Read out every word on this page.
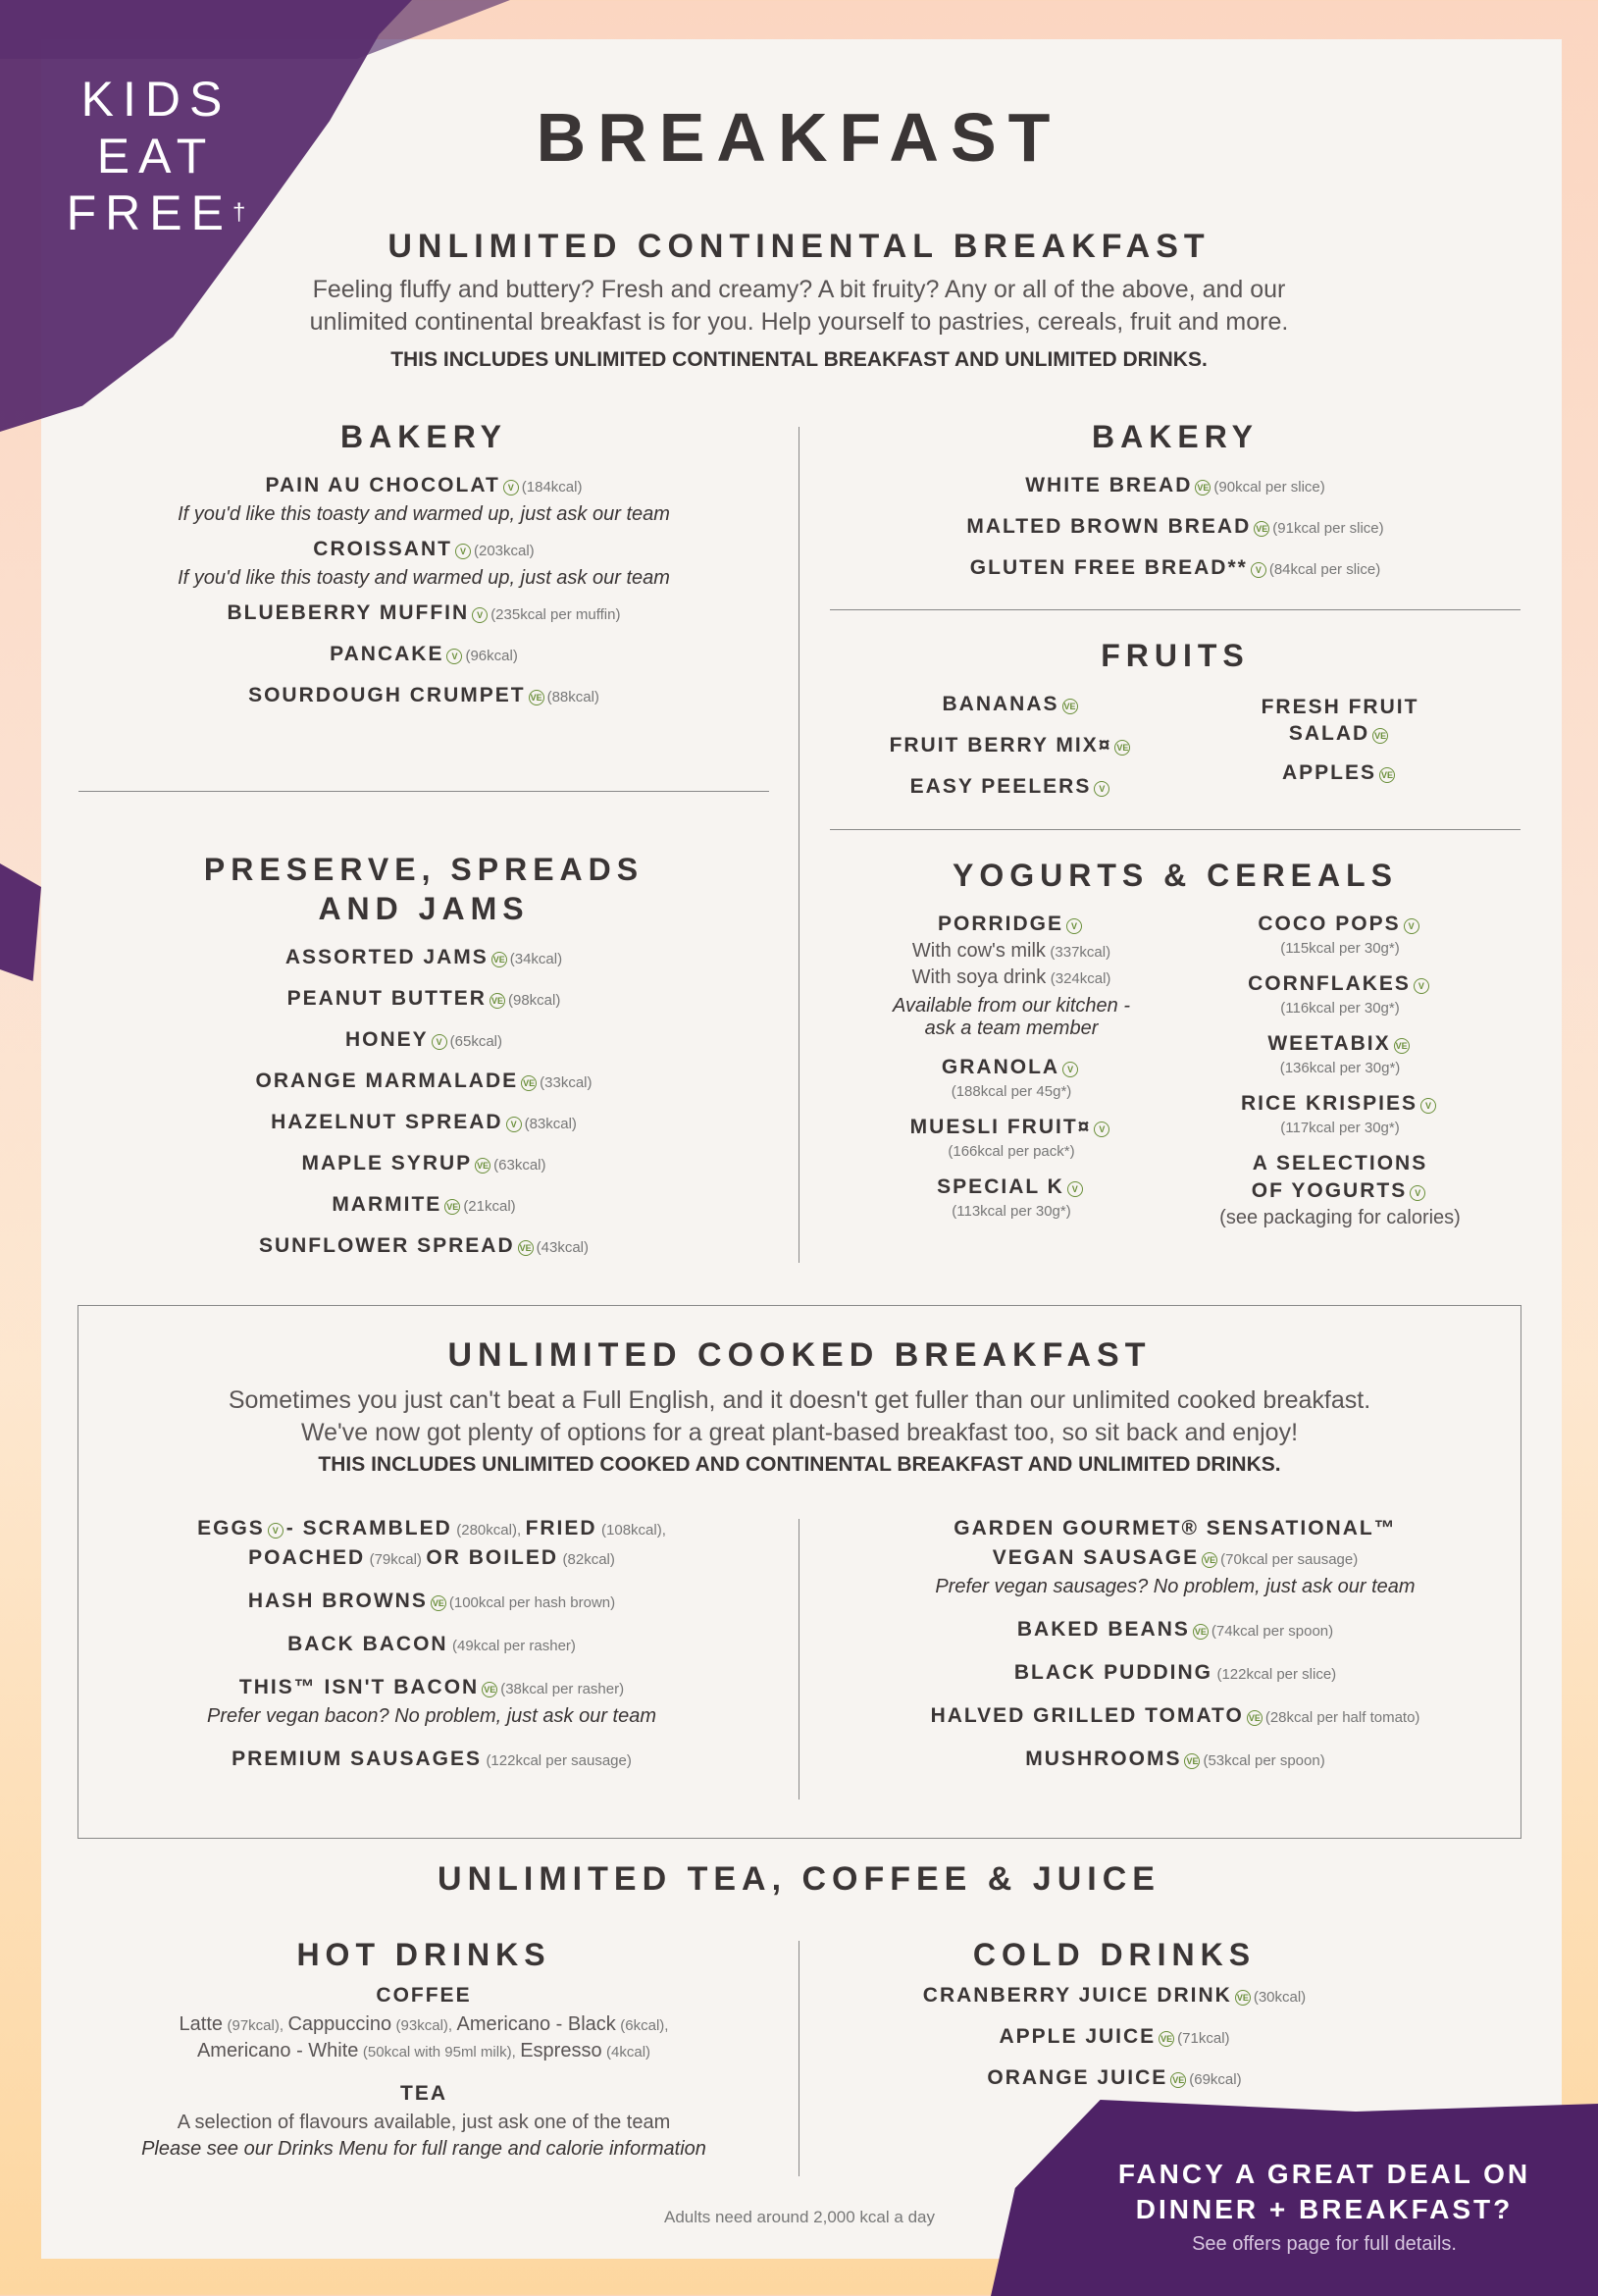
KIDS
EAT
FREE†
BREAKFAST
UNLIMITED CONTINENTAL BREAKFAST
Feeling fluffy and buttery? Fresh and creamy? A bit fruity? Any or all of the above, and our
unlimited continental breakfast is for you. Help yourself to pastries, cereals, fruit and more.
THIS INCLUDES UNLIMITED CONTINENTAL BREAKFAST AND UNLIMITED DRINKS.
BAKERY
PAIN AU CHOCOLAT V (184kcal)
If you'd like this toasty and warmed up, just ask our team
CROISSANT V (203kcal)
If you'd like this toasty and warmed up, just ask our team
BLUEBERRY MUFFIN V (235kcal per muffin)
PANCAKE V (96kcal)
SOURDOUGH CRUMPET VE (88kcal)
PRESERVE, SPREADS
AND JAMS
ASSORTED JAMS VE (34kcal)
PEANUT BUTTER VE (98kcal)
HONEY V (65kcal)
ORANGE MARMALADE VE (33kcal)
HAZELNUT SPREAD V (83kcal)
MAPLE SYRUP VE (63kcal)
MARMITE VE (21kcal)
SUNFLOWER SPREAD VE (43kcal)
BAKERY
WHITE BREAD VE (90kcal per slice)
MALTED BROWN BREAD VE (91kcal per slice)
GLUTEN FREE BREAD** V (84kcal per slice)
FRUITS
BANANAS VE
FRUIT BERRY MIX¤ VE
EASY PEELERS V
FRESH FRUIT
SALAD VE
APPLES VE
YOGURTS & CEREALS
PORRIDGE V
With cow's milk (337kcal)
With soya drink (324kcal)
Available from our kitchen -
ask a team member
GRANOLA V
(188kcal per 45g*)
MUESLI FRUIT¤ V
(166kcal per pack*)
SPECIAL K V
(113kcal per 30g*)
COCO POPS V
(115kcal per 30g*)
CORNFLAKES V
(116kcal per 30g*)
WEETABIX VE
(136kcal per 30g*)
RICE KRISPIES V
(117kcal per 30g*)
A SELECTIONS
OF YOGURTS V
(see packaging for calories)
UNLIMITED COOKED BREAKFAST
Sometimes you just can't beat a Full English, and it doesn't get fuller than our unlimited cooked breakfast.
We've now got plenty of options for a great plant-based breakfast too, so sit back and enjoy!
THIS INCLUDES UNLIMITED COOKED AND CONTINENTAL BREAKFAST AND UNLIMITED DRINKS.
EGGS V - SCRAMBLED (280kcal), FRIED (108kcal),
POACHED (79kcal) OR BOILED (82kcal)
HASH BROWNS VE (100kcal per hash brown)
BACK BACON (49kcal per rasher)
THIS™ ISN'T BACON VE (38kcal per rasher)
Prefer vegan bacon? No problem, just ask our team
PREMIUM SAUSAGES (122kcal per sausage)
GARDEN GOURMET® SENSATIONAL™
VEGAN SAUSAGE VE (70kcal per sausage)
Prefer vegan sausages? No problem, just ask our team
BAKED BEANS VE (74kcal per spoon)
BLACK PUDDING (122kcal per slice)
HALVED GRILLED TOMATO VE (28kcal per half tomato)
MUSHROOMS VE (53kcal per spoon)
UNLIMITED TEA, COFFEE & JUICE
HOT DRINKS
COFFEE
Latte (97kcal), Cappuccino (93kcal), Americano - Black (6kcal),
Americano - White (50kcal with 95ml milk), Espresso (4kcal)
TEA
A selection of flavours available, just ask one of the team
Please see our Drinks Menu for full range and calorie information
COLD DRINKS
CRANBERRY JUICE DRINK VE (30kcal)
APPLE JUICE VE (71kcal)
ORANGE JUICE VE (69kcal)
Adults need around 2,000 kcal a day
FANCY A GREAT DEAL ON
DINNER + BREAKFAST?
See offers page for full details.
